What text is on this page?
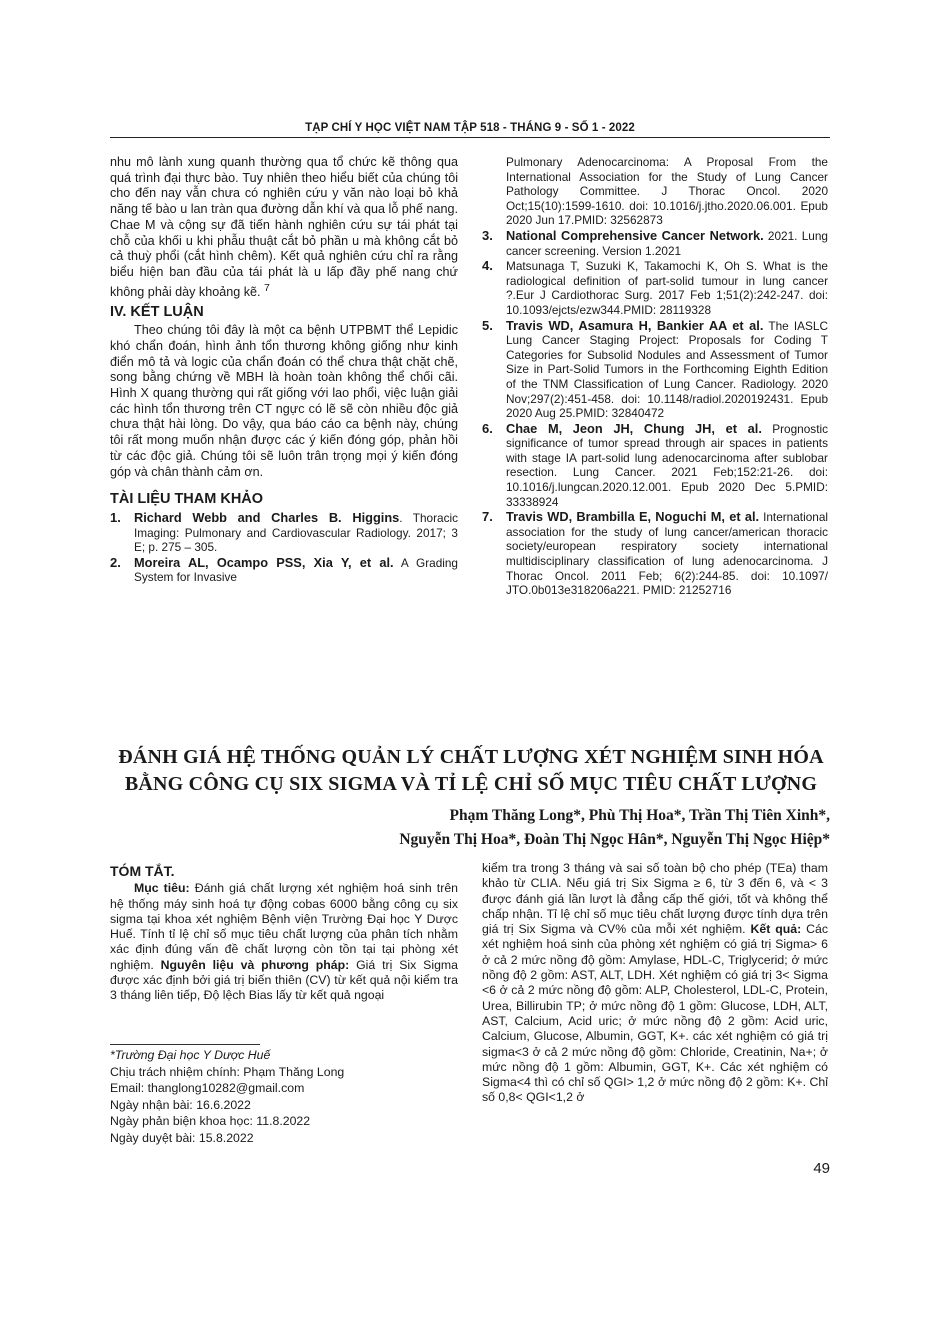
TẠP CHÍ Y HỌC VIỆT NAM TẬP 518 - THÁNG 9 - SỐ 1 - 2022

nhu mô lành xung quanh thường qua tổ chức kẽ thông qua quá trình đại thực bào. Tuy nhiên theo hiểu biết của chúng tôi cho đến nay vẫn chưa có nghiên cứu y văn nào loại bỏ khả năng tế bào u lan tràn qua đường dẫn khí và qua lỗ phế nang. Chae M và cộng sự đã tiến hành nghiên cứu sự tái phát tại chỗ của khối u khi phẫu thuật cắt bỏ phần u mà không cắt bỏ cả thuỳ phổi (cắt hình chêm). Kết quả nghiên cứu chỉ ra rằng biểu hiện ban đầu của tái phát là u lấp đầy phế nang chứ không phải dày khoảng kẽ. $^7$

IV. KẾT LUẬN

Theo chúng tôi đây là một ca bệnh UTPBMT thể Lepidic khó chẩn đoán, hình ảnh tổn thương không giống như kinh điển mô tả và logic của chẩn đoán có thể chưa thật chặt chẽ, song bằng chứng về MBH là hoàn toàn không thể chối cãi. Hình X quang thường qui rất giống với lao phổi, việc luận giải các hình tổn thương trên CT ngực có lẽ sẽ còn nhiều độc giả chưa thật hài lòng. Do vậy, qua báo cáo ca bệnh này, chúng tôi rất mong muốn nhận được các ý kiến đóng góp, phản hồi từ các độc giả. Chúng tôi sẽ luôn trân trọng mọi ý kiến đóng góp và chân thành cảm ơn.

TÀI LIỆU THAM KHẢO
1. Richard Webb and Charles B. Higgins. Thoracic Imaging: Pulmonary and Cardiovascular Radiology. 2017; 3 E; p. 275 – 305.
2. Moreira AL, Ocampo PSS, Xia Y, et al. A Grading System for Invasive
Pulmonary Adenocarcinoma: A Proposal From the International Association for the Study of Lung Cancer Pathology Committee. J Thorac Oncol. 2020 Oct;15(10):1599-1610. doi: 10.1016/j.jtho.2020.06.001. Epub 2020 Jun 17.PMID: 32562873
3. National Comprehensive Cancer Network. 2021. Lung cancer screening. Version 1.2021
4. Matsunaga T, Suzuki K, Takamochi K, Oh S. What is the radiological definition of part-solid tumour in lung cancer ?.Eur J Cardiothorac Surg. 2017 Feb 1;51(2):242-247. doi: 10.1093/ejcts/ezw344.PMID: 28119328
5. Travis WD, Asamura H, Bankier AA et al. The IASLC Lung Cancer Staging Project: Proposals for Coding T Categories for Subsolid Nodules and Assessment of Tumor Size in Part-Solid Tumors in the Forthcoming Eighth Edition of the TNM Classification of Lung Cancer. Radiology. 2020 Nov;297(2):451-458. doi: 10.1148/radiol.2020192431. Epub 2020 Aug 25.PMID: 32840472
6. Chae M, Jeon JH, Chung JH, et al. Prognostic significance of tumor spread through air spaces in patients with stage IA part-solid lung adenocarcinoma after sublobar resection. Lung Cancer. 2021 Feb;152:21-26. doi: 10.1016/j.lungcan.2020.12.001. Epub 2020 Dec 5.PMID: 33338924
7. Travis WD, Brambilla E, Noguchi M, et al. International association for the study of lung cancer/american thoracic society/european respiratory society international multidisciplinary classification of lung adenocarcinoma. J Thorac Oncol. 2011 Feb; 6(2):244-85. doi: 10.1097/ JTO.0b013e318206a221. PMID: 21252716
ĐÁNH GIÁ HỆ THỐNG QUẢN LÝ CHẤT LƯỢNG XÉT NGHIỆM SINH HÓA
BẰNG CÔNG CỤ SIX SIGMA VÀ TỈ LỆ CHỈ SỐ MỤC TIÊU CHẤT LƯỢNG
Phạm Thăng Long*, Phù Thị Hoa*, Trần Thị Tiên Xinh*,
Nguyễn Thị Hoa*, Đoàn Thị Ngọc Hân*, Nguyễn Thị Ngọc Hiệp*
TÓM TẮT.

Mục tiêu: Đánh giá chất lượng xét nghiệm hoá sinh trên hệ thống máy sinh hoá tự động cobas 6000 bằng công cụ six sigma tại khoa xét nghiệm Bệnh viện Trường Đại học Y Dược Huế. Tính tỉ lệ chỉ số mục tiêu chất lượng của phân tích nhằm xác định đúng vấn đề chất lượng còn tồn tại tại phòng xét nghiệm. Nguyên liệu và phương pháp: Giá trị Six Sigma được xác định bởi giá trị biến thiên (CV) từ kết quả nội kiểm tra 3 tháng liên tiếp, Độ lệch Bias lấy từ kết quả ngoại

kiểm tra trong 3 tháng và sai số toàn bộ cho phép (TEa) tham khảo từ CLIA. Nếu giá trị Six Sigma ≥ 6, từ 3 đến 6, và < 3 được đánh giá lần lượt là đẳng cấp thế giới, tốt và không thể chấp nhận. Tỉ lệ chỉ số mục tiêu chất lượng được tính dựa trên giá trị Six Sigma và CV% của mỗi xét nghiệm. Kết quả: Các xét nghiệm hoá sinh của phòng xét nghiệm có giá trị Sigma> 6 ở cả 2 mức nồng độ gồm: Amylase, HDL-C, Triglycerid; ở mức nồng độ 2 gồm: AST, ALT, LDH. Xét nghiệm có giá trị 3< Sigma <6 ở cả 2 mức nồng độ gồm: ALP, Cholesterol, LDL-C, Protein, Urea, Billirubin TP; ở mức nồng độ 1 gồm: Glucose, LDH, ALT, AST, Calcium, Acid uric; ở mức nồng độ 2 gồm: Acid uric, Calcium, Glucose, Albumin, GGT, K+. các xét nghiệm có giá trị sigma<3 ở cả 2 mức nồng độ gồm: Chloride, Creatinin, Na+; ở mức nồng độ 1 gồm: Albumin, GGT, K+. Các xét nghiệm có Sigma<4 thì có chỉ số QGI> 1,2 ở mức nồng độ 2 gồm: K+. Chỉ số 0,8< QGI<1,2 ở

*Trường Đại học Y Dược Huế

Chịu trách nhiệm chính: Phạm Thăng Long

Email: thanglong10282@gmail.com

Ngày nhận bài: 16.6.2022

Ngày phản biện khoa học: 11.8.2022

Ngày duyệt bài: 15.8.2022

49
